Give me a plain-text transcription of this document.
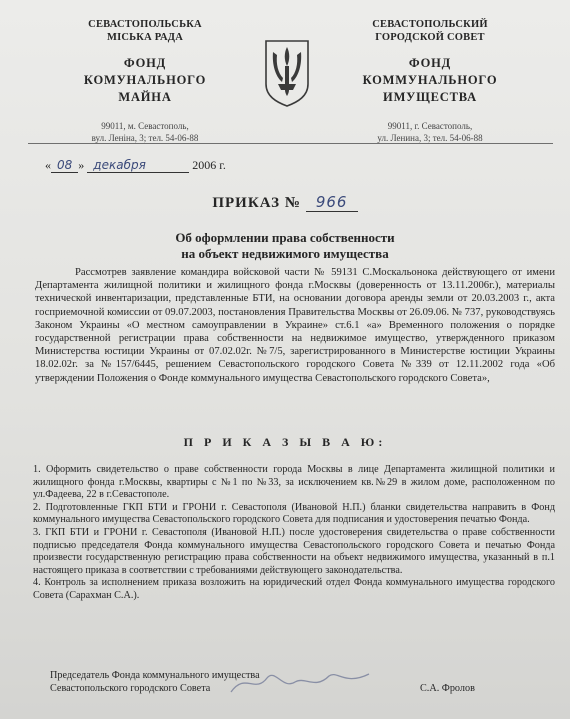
СЕВАСТОПОЛЬСЬКА
МІСЬКА РАДА
ФОНД
КОМУНАЛЬНОГО
МАЙНА
99011, м. Севастополь,
вул. Леніна, 3; тел. 54-06-88
СЕВАСТОПОЛЬСКИЙ
ГОРОДСКОЙ СОВЕТ
ФОНД
КОММУНАЛЬНОГО
ИМУЩЕСТВА
99011, г. Севастополь,
ул. Ленина, 3; тел. 54-06-88
« 08 » декабря	2006 г.
ПРИКАЗ № 966
Об оформлении права собственности
на объект недвижимого имущества

Рассмотрев заявление командира войсковой части № 59131 С.Москальонока действующего от имени Департамента жилищной политики и жилищного фонда г.Москвы (доверенность от 13.11.2006г.), материалы технической инвентаризации, представленные БТИ, на основании договора аренды земли от 20.03.2003 г., акта госприемочной комиссии от 09.07.2003, постановления Правительства Москвы от 26.09.06. № 737, руководствуясь Законом Украины «О местном самоуправлении в Украине» ст.6.1 «а» Временного положения о порядке государственной регистрации права собственности на недвижимое имущество, утвержденного приказом Министерства юстиции Украины от 07.02.02г. №7/5, зарегистрированного в Министерстве юстиции Украины 18.02.02г. за №157/6445, решением Севастопольского городского Совета №339 от 12.11.2002 года «Об утверждении Положения о Фонде коммунального имущества Севастопольского городского Совета»,

П Р И К А З Ы В А Ю:
1. Оформить свидетельство о праве собственности города Москвы в лице Департамента жилищной политики и жилищного фонда г.Москвы, квартиры с №1 по №33, за исключением кв.№29 в жилом доме, расположенном по ул.Фадеева, 22 в г.Севастополе.
2. Подготовленные ГКП БТИ и ГРОНИ г. Севастополя (Ивановой Н.П.) бланки свидетельства направить в Фонд коммунального имущества Севастопольского городского Совета для подписания и удостоверения печатью Фонда.
3. ГКП БТИ и ГРОНИ г. Севастополя (Ивановой Н.П.) после удостоверения свидетельства о праве собственности подписью председателя Фонда коммунального имущества Севастопольского городского Совета и печатью Фонда произвести государственную регистрацию права собственности на объект недвижимого имущества, указанный в п.1 настоящего приказа в соответствии с требованиями действующего законодательства.
4. Контроль за исполнением приказа возложить на юридический отдел Фонда коммунального имущества городского Совета (Сарахман С.А.).
Председатель Фонда коммунального имущества
Севастопольского городского Совета	С.А. Фролов
